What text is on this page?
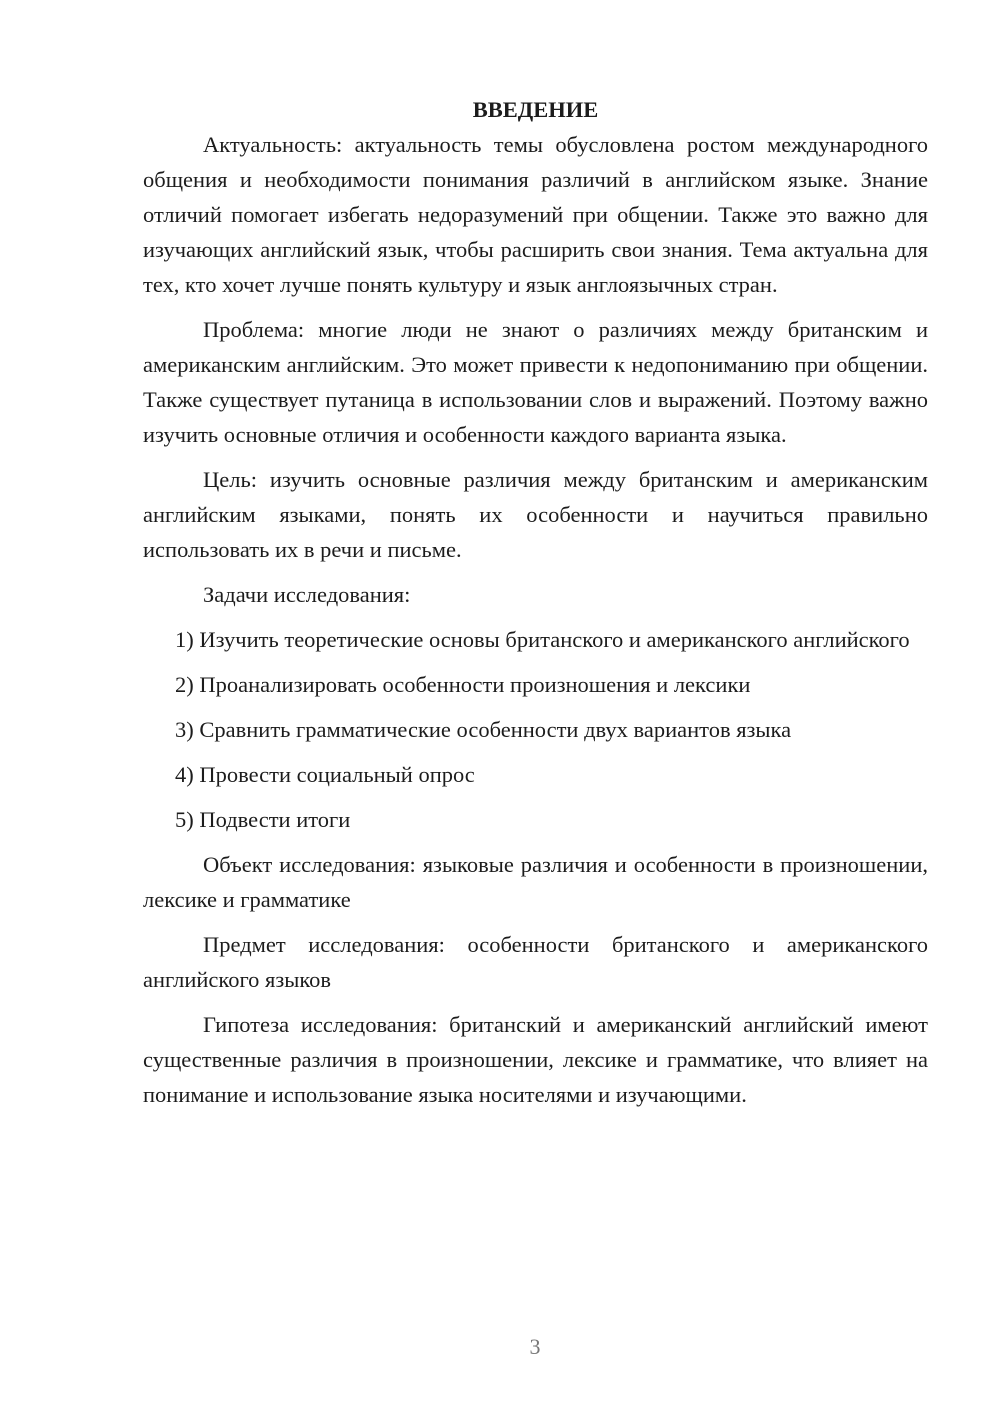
ВВЕДЕНИЕ

Актуальность: актуальность темы обусловлена ростом международного общения и необходимости понимания различий в английском языке. Знание отличий помогает избегать недоразумений при общении. Также это важно для изучающих английский язык, чтобы расширить свои знания. Тема актуальна для тех, кто хочет лучше понять культуру и язык англоязычных стран.

Проблема: многие люди не знают о различиях между британским и американским английским. Это может привести к недопониманию при общении. Также существует путаница в использовании слов и выражений. Поэтому важно изучить основные отличия и особенности каждого варианта языка.

Цель: изучить основные различия между британским и американским английским языками, понять их особенности и научиться правильно использовать их в речи и письме.

Задачи исследования:

1) Изучить теоретические основы британского и американского английского

2) Проанализировать особенности произношения и лексики

3) Сравнить грамматические особенности двух вариантов языка

4) Провести социальный опрос

5) Подвести итоги

Объект исследования: языковые различия и особенности в произношении, лексике и грамматике

Предмет исследования: особенности британского и американского английского языков

Гипотеза исследования: британский и американский английский имеют существенные различия в произношении, лексике и грамматике, что влияет на понимание и использование языка носителями и изучающими.

3
